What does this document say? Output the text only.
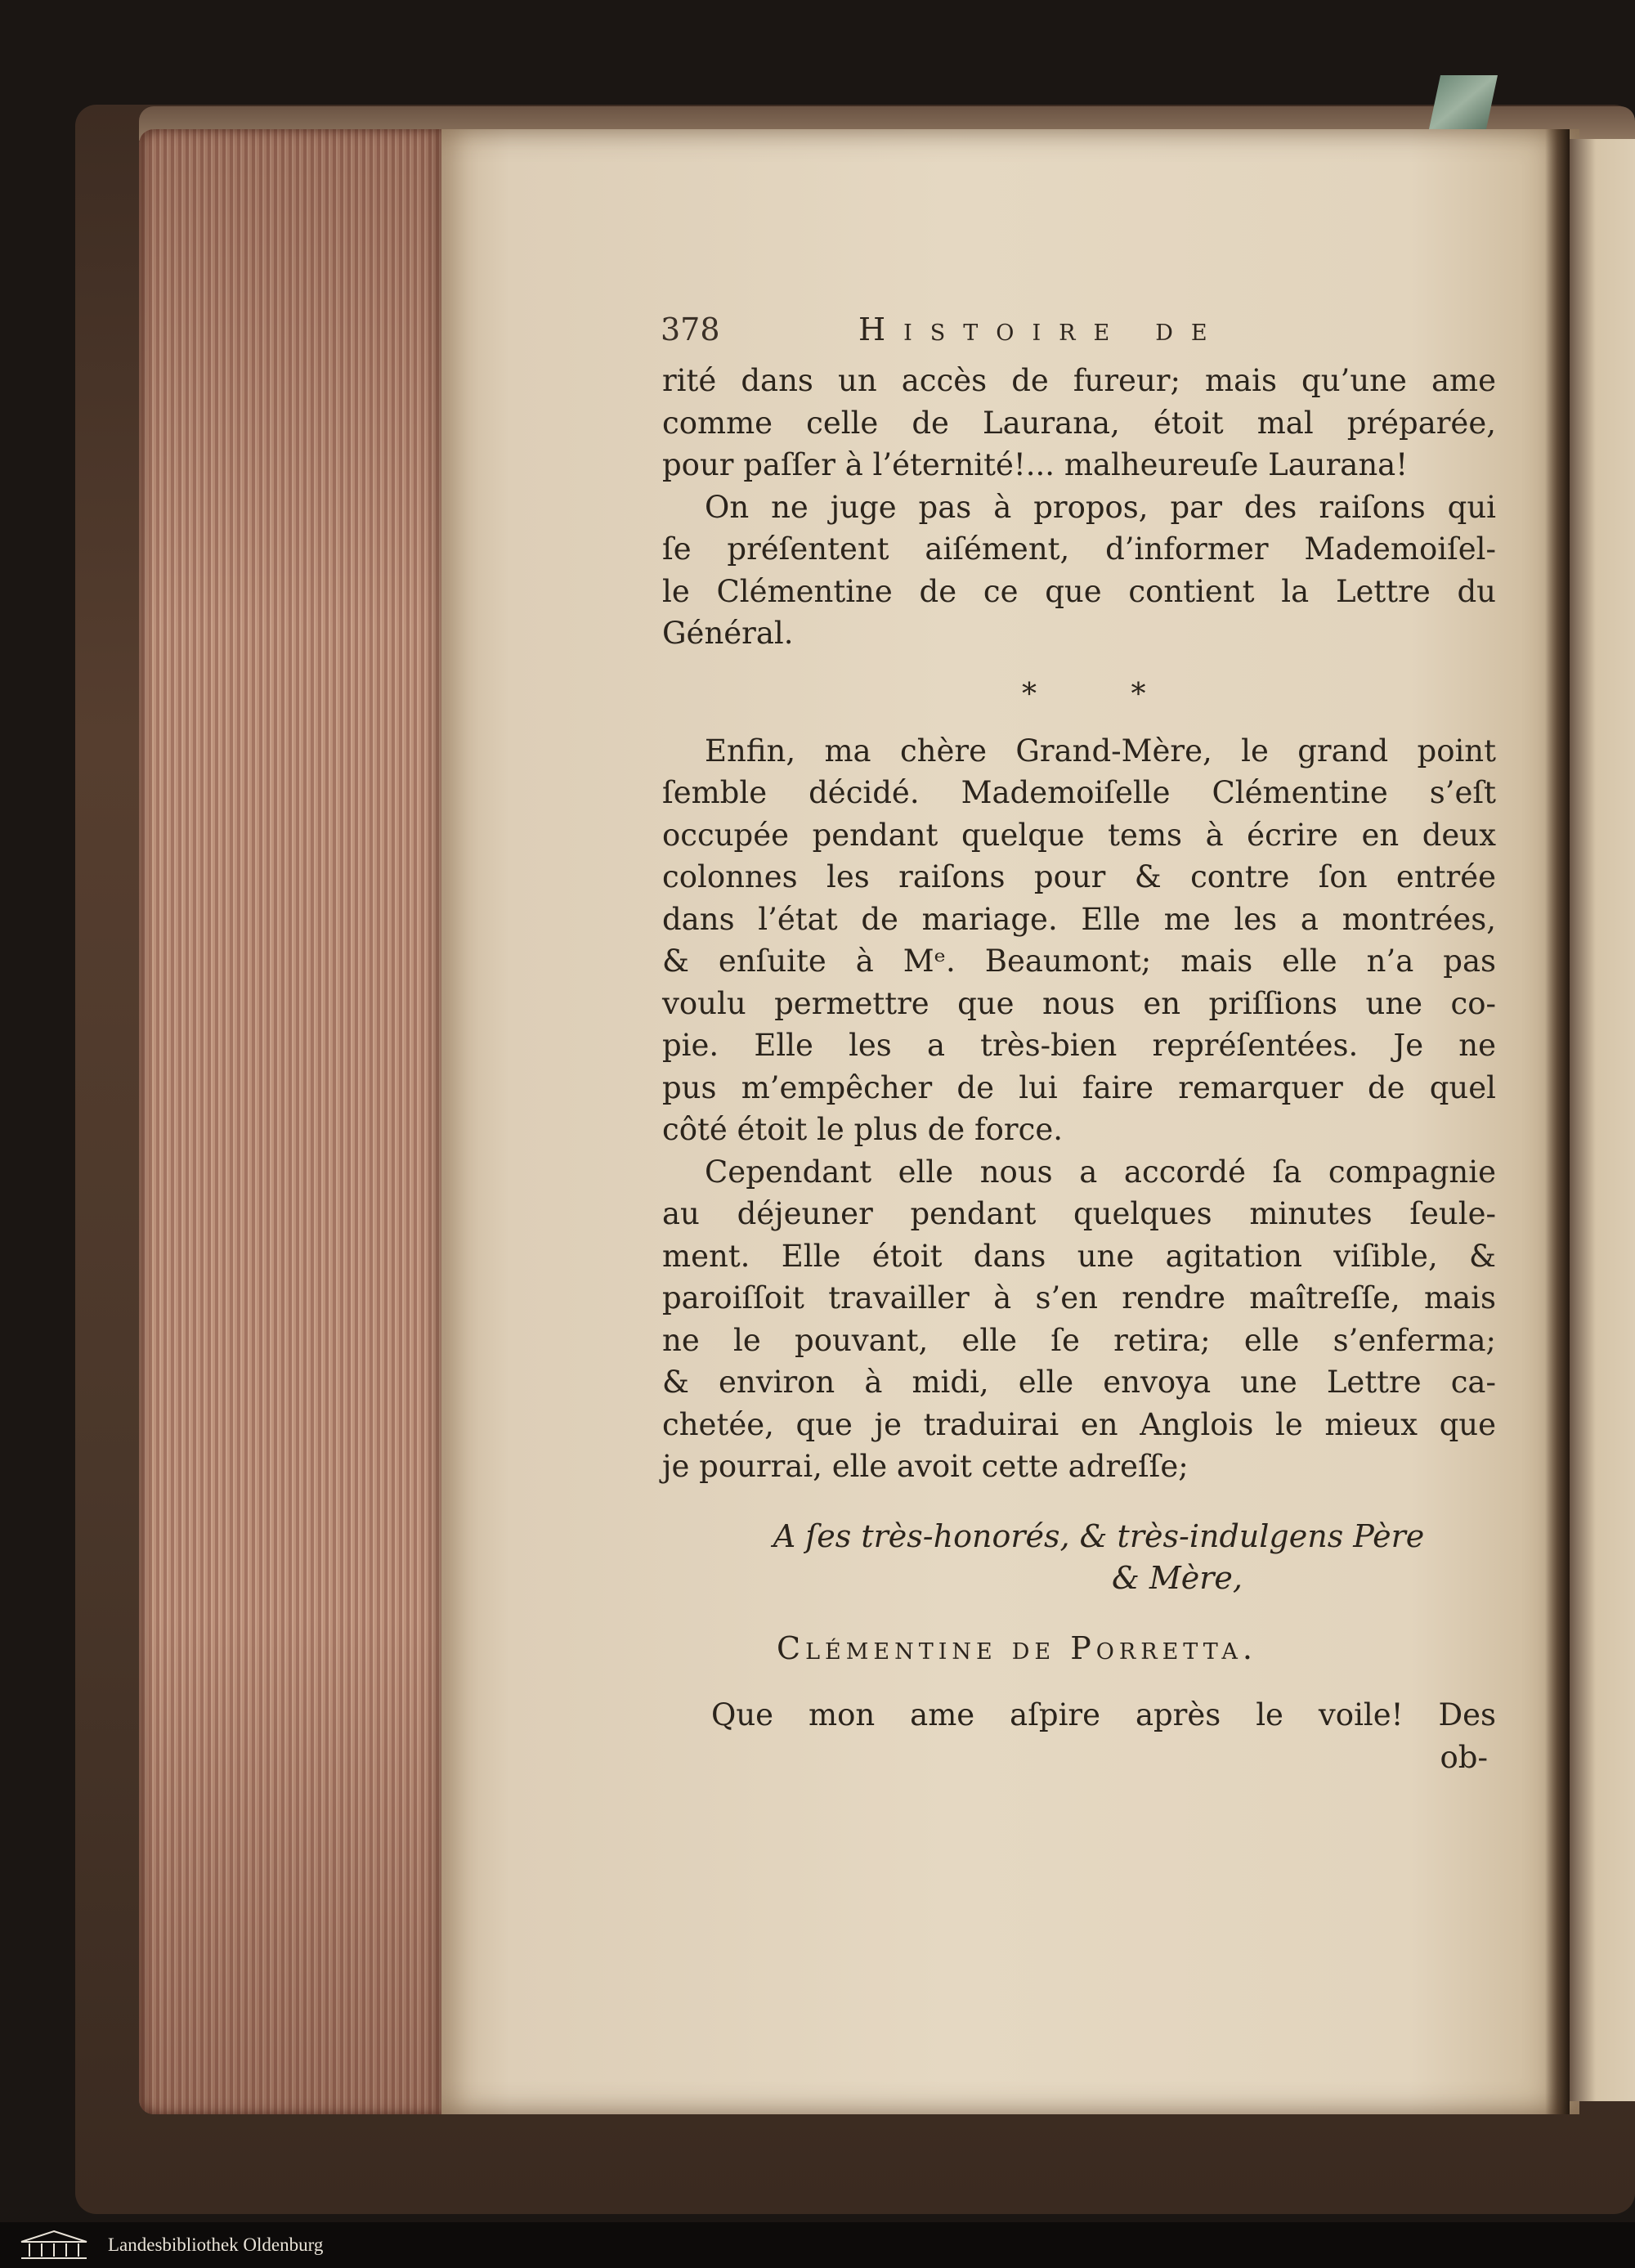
378	Histoire de
rité dans un accès de fureur; mais qu’une ame
comme celle de Laurana, étoit mal préparée,
pour paſſer à l’éternité!... malheureuſe Laurana!
On ne juge pas à propos, par des raiſons qui
ſe préſentent aiſément, d’informer Mademoiſel-
le Clémentine de ce que contient la Lettre du
Général.
* *
Enfin, ma chère Grand-Mère, le grand point
ſemble décidé. Mademoiſelle Clémentine s’eſt
occupée pendant quelque tems à écrire en deux
colonnes les raiſons pour & contre ſon entrée
dans l’état de mariage. Elle me les a montrées,
& enſuite à Mᵉ. Beaumont; mais elle n’a pas
voulu permettre que nous en priſſions une co-
pie. Elle les a très-bien repréſentées. Je ne
pus m’empêcher de lui faire remarquer de quel
côté étoit le plus de force.
Cependant elle nous a accordé ſa compagnie
au déjeuner pendant quelques minutes ſeule-
ment. Elle étoit dans une agitation viſible, &
paroiſſoit travailler à s’en rendre maîtreſſe, mais
ne le pouvant, elle ſe retira; elle s’enferma;
& environ à midi, elle envoya une Lettre ca-
chetée, que je traduirai en Anglois le mieux que
je pourrai, elle avoit cette adreſſe;
A ſes très-honorés, & très-indulgens Père
& Mère,
Clémentine de Porretta.
Que mon ame aſpire après le voile! Des
ob-
Landesbibliothek Oldenburg
